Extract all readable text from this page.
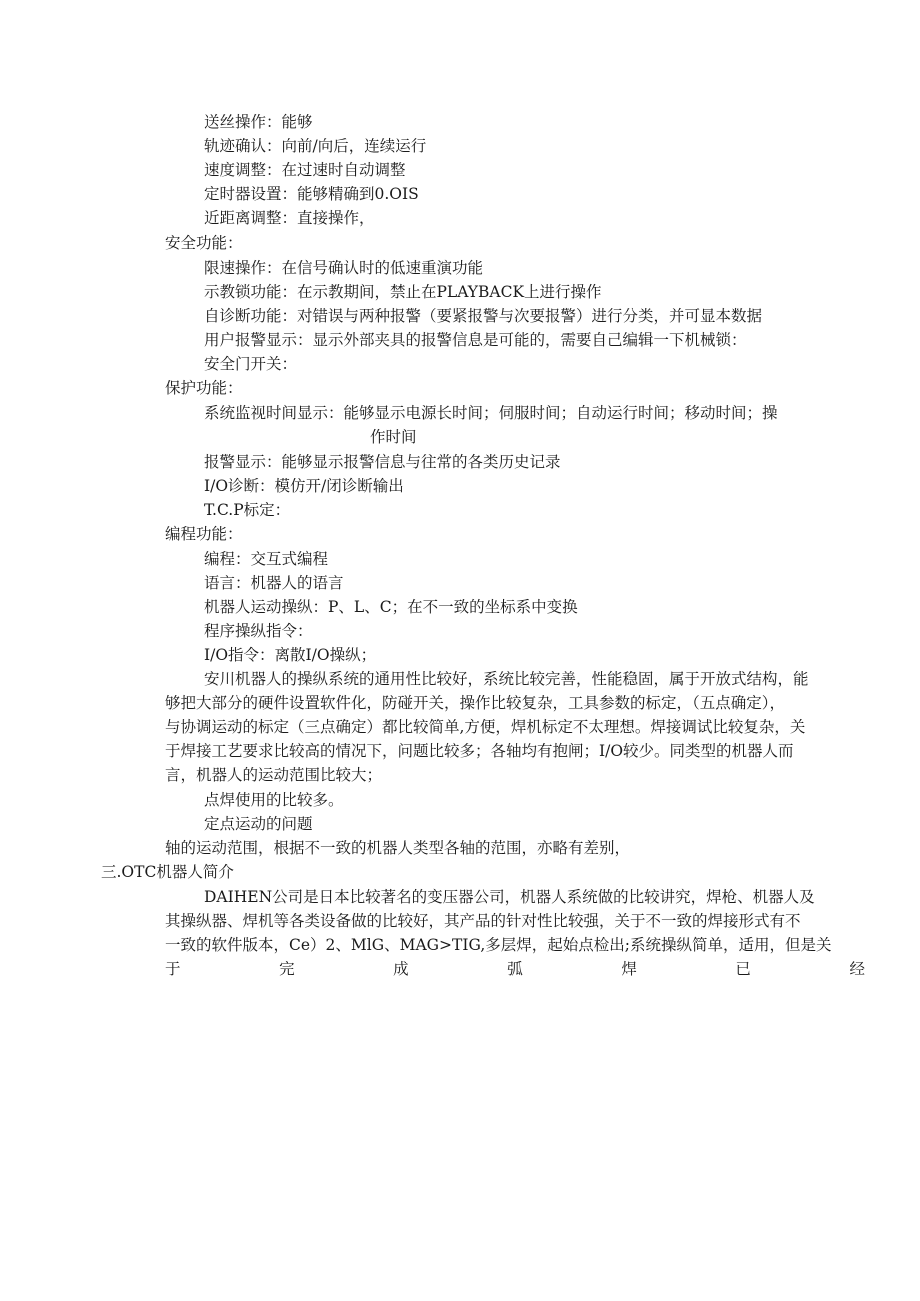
送丝操作：能够
轨迹确认：向前/向后，连续运行
速度调整：在过速时自动调整
定时器设置：能够精确到0.OIS
近距离调整：直接操作，
安全功能：
限速操作：在信号确认时的低速重演功能
示教锁功能：在示教期间，禁止在PLAYBACK上进行操作
自诊断功能：对错误与两种报警（要紧报警与次要报警）进行分类，并可显本数据
用户报警显示：显示外部夹具的报警信息是可能的，需要自己编辑一下机械锁：
安全门开关：
保护功能：
系统监视时间显示：能够显示电源长时间；伺服时间；自动运行时间；移动时间；操
作时间
报警显示：能够显示报警信息与往常的各类历史记录
I/O诊断：模仿开/闭诊断输出
T.C.P标定：
编程功能：
编程：交互式编程
语言：机器人的语言
机器人运动操纵：P、L、C；在不一致的坐标系中变换
程序操纵指令：
I/O指令：离散I/O操纵；
安川机器人的操纵系统的通用性比较好，系统比较完善，性能稳固，属于开放式结构，能
够把大部分的硬件设置软件化，防碰开关，操作比较复杂，工具参数的标定，（五点确定），
与协调运动的标定（三点确定）都比较简单,方便，焊机标定不太理想。焊接调试比较复杂，关
于焊接工艺要求比较高的情况下，问题比较多；各轴均有抱闸；I/O较少。同类型的机器人而
言，机器人的运动范围比较大；
点焊使用的比较多。
定点运动的问题
轴的运动范围，根据不一致的机器人类型各轴的范围，亦略有差别，
三.OTC机器人简介
DAIHEN公司是日本比较著名的变压器公司，机器人系统做的比较讲究，焊枪、机器人及
其操纵器、焊机等各类设备做的比较好，其产品的针对性比较强，关于不一致的焊接形式有不
一致的软件版本，Ce）2、MlG、MAG>TIG,多层焊，起始点检出;系统操纵简单，适用，但是关
于	完	成	弧	焊	已	经
